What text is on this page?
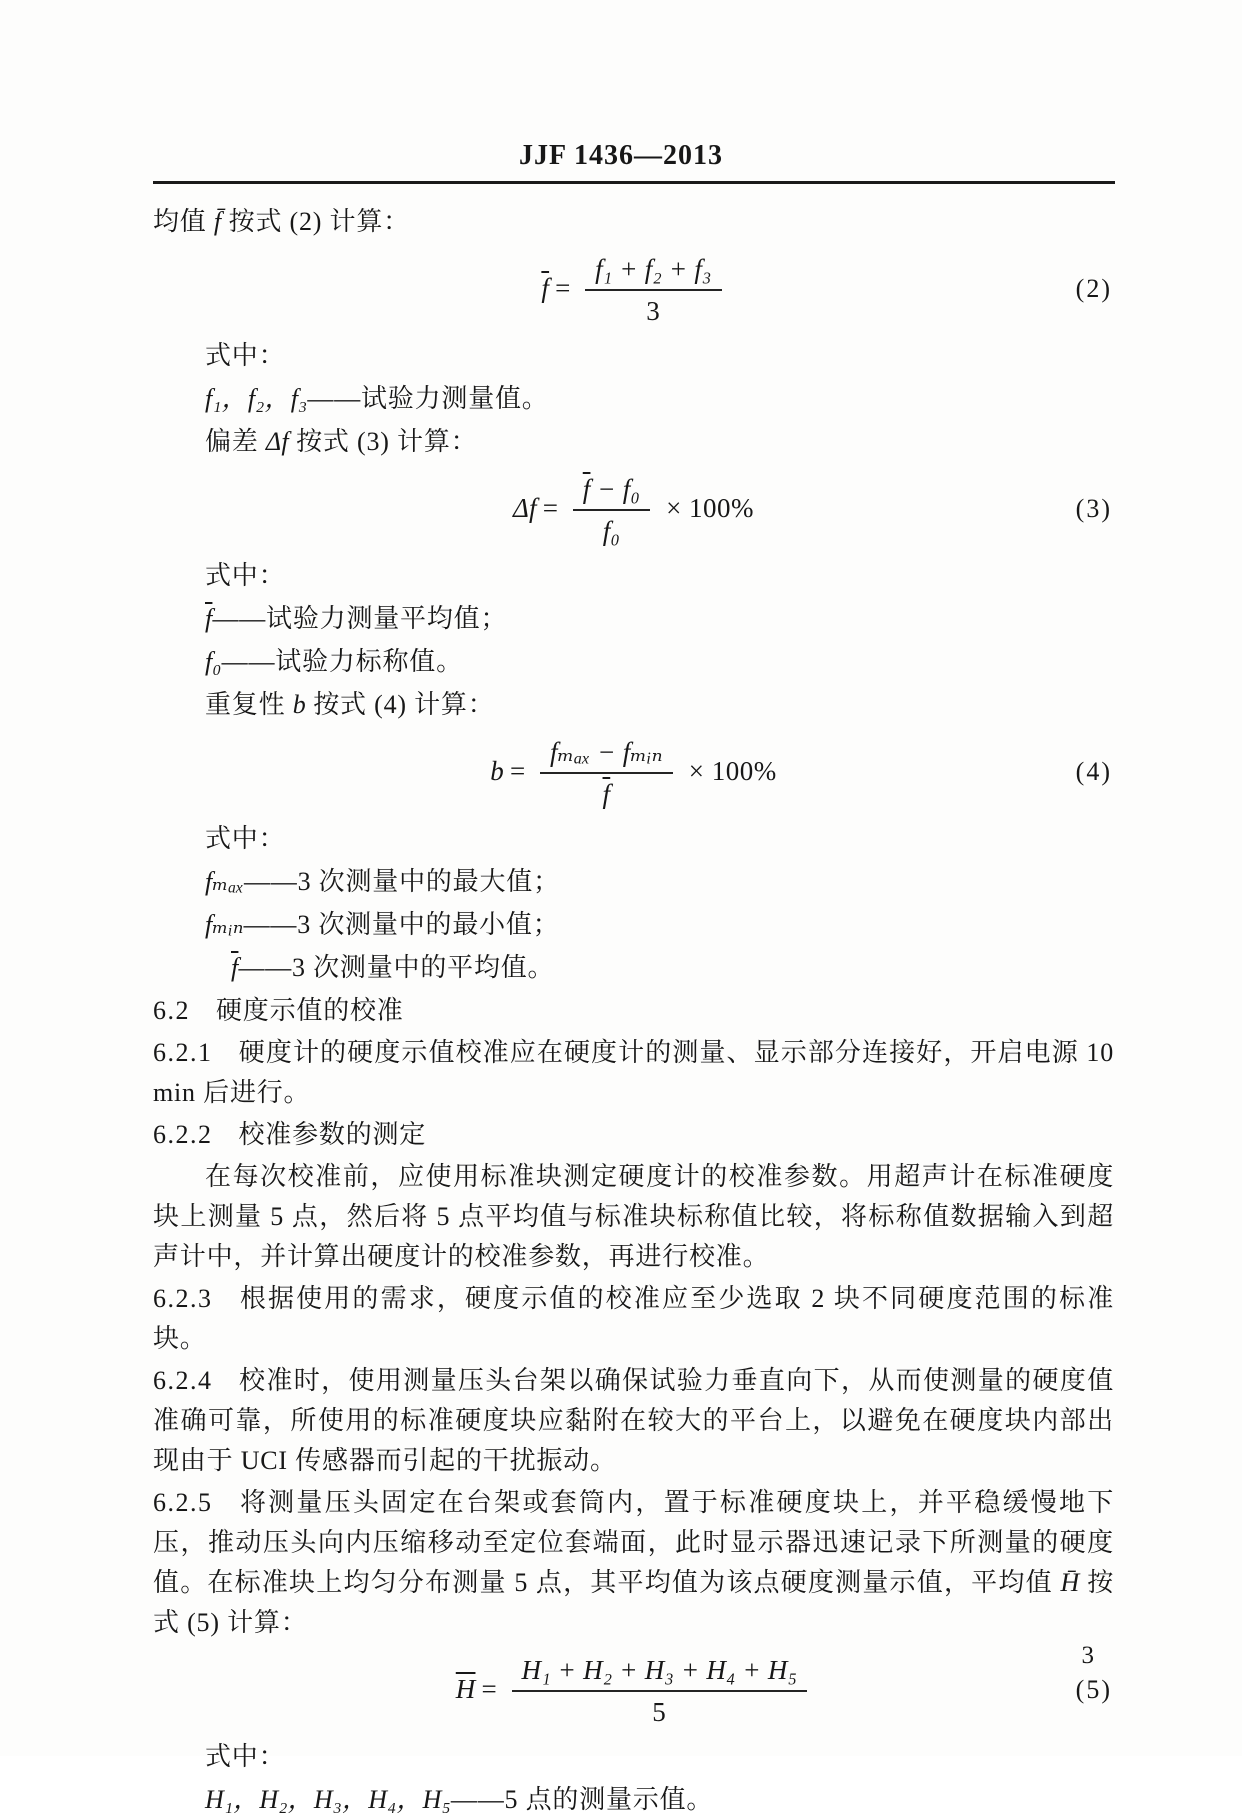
JJF 1436—2013

均值 f̄ 按式 (2) 计算：

$\overline{f} = \frac{\text{f₁ + f₂ + f₃}}{3}$	(2)

式中：

f₁，f₂，f₃——试验力测量值。

偏差 Δf 按式 (3) 计算：

$\Delta f = \frac{\overline{f} - f_0}{\text{f₀}} \times 100\%$	(3)

式中：

$\overline{f}——$试验力测量平均值；

f₀——试验力标称值。

重复性 b 按式 (4) 计算：

$b = \frac{\text{fₘₐₓ − fₘᵢₙ}}{f} \times 100\%$	(4)

式中：

fₘₐₓ——3 次测量中的最大值；

fₘᵢₙ——3 次测量中的最小值；

$\overline{f}——3$ 次测量中的平均值。

6.2 硬度示值的校准

6.2.1 硬度计的硬度示值校准应在硬度计的测量、显示部分连接好，开启电源 10 min 后进行。

6.2.2 校准参数的测定

在每次校准前，应使用标准块测定硬度计的校准参数。用超声计在标准硬度块上测量 5 点，然后将 5 点平均值与标准块标称值比较，将标称值数据输入到超声计中，并计算出硬度计的校准参数，再进行校准。

6.2.3 根据使用的需求，硬度示值的校准应至少选取 2 块不同硬度范围的标准块。

6.2.4 校准时，使用测量压头台架以确保试验力垂直向下，从而使测量的硬度值准确可靠，所使用的标准硬度块应黏附在较大的平台上，以避免在硬度块内部出现由于 UCI 传感器而引起的干扰振动。

6.2.5 将测量压头固定在台架或套筒内，置于标准硬度块上，并平稳缓慢地下压，推动压头向内压缩移动至定位套端面，此时显示器迅速记录下所测量的硬度值。在标准块上均匀分布测量 5 点，其平均值为该点硬度测量示值，平均值 H̄ 按式 (5) 计算：

$\overline{H} = \frac{\text{H₁ + H₂ + H₃ + H₄ + H₅}}{5}$	(5)

式中：

H₁，H₂，H₃，H₄，H₅——5 点的测量示值。

3
